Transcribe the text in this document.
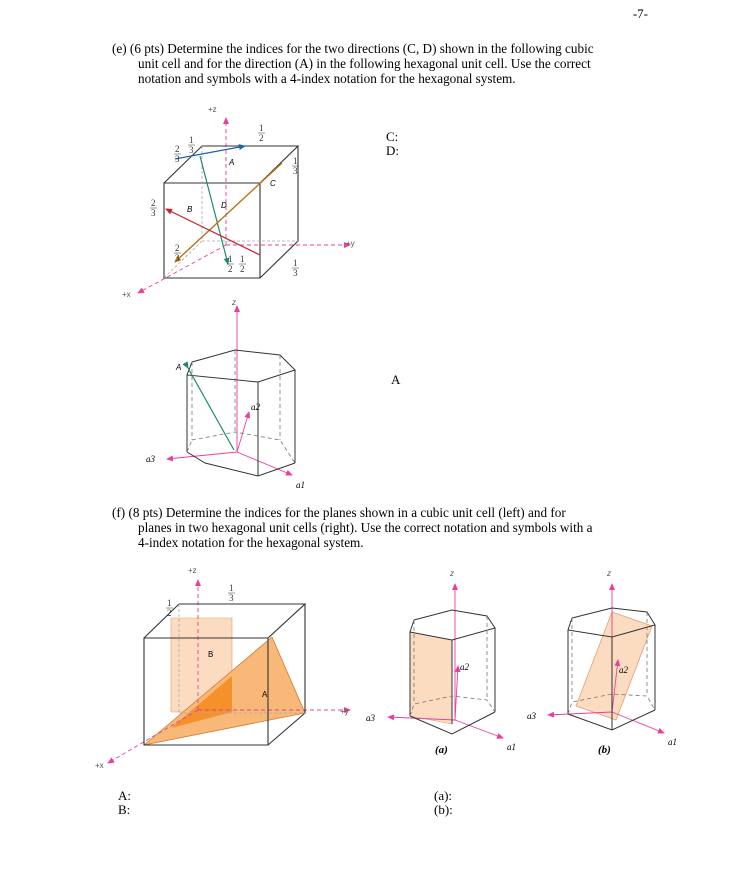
-7-
(e) (6 pts) Determine the indices for the two directions (C, D) shown in the following cubic

unit cell and for the direction (A) in the following hexagonal unit cell. Use the correct
notation and symbols with a 4-index notation for the hexagonal system.
C:
D:
A
(f) (8 pts) Determine the indices for the planes shown in a cubic unit cell (left) and for

planes in two hexagonal unit cells (right). Use the correct notation and symbols with a
4-index notation for the hexagonal system.
A:
B:
(a):
(b):
+z
+y
+x
A
B
C
D
2
3
1
3
1
2
1
3
2
3
2
3	1
2
1
2
1
3
z
a1
a2
a3
A
+z
+y
+x
B
A
1
2
1
3
z
a1
a2
a3
(a)
z
a1
a2
a3
(b)
